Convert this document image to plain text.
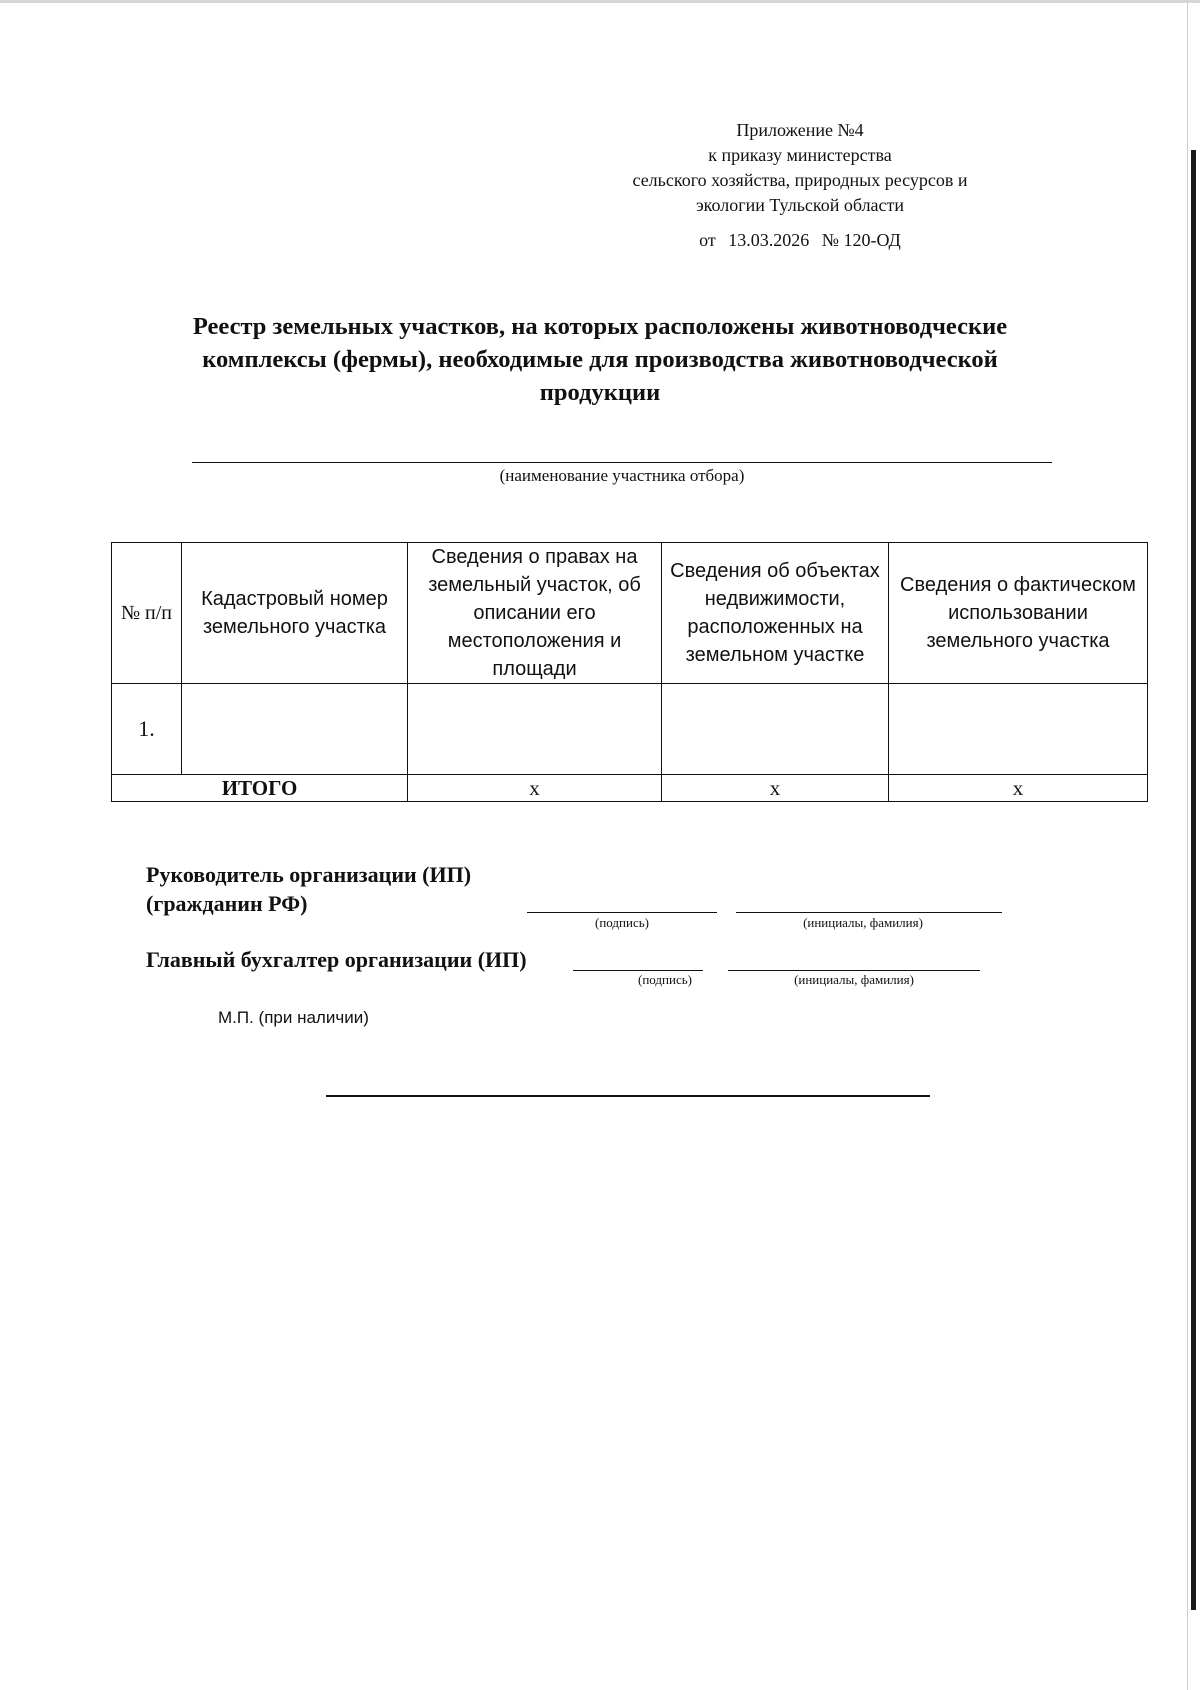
Приложение №4
к приказу министерства
сельского хозяйства, природных ресурсов и
экологии Тульской области
от 13.03.2026 № 120-ОД
Реестр земельных участков, на которых расположены животноводческие
комплексы (фермы), необходимые для производства животноводческой
продукции
(наименование участника отбора)
№ п/п	Кадастровый номер земельного участка	Сведения о правах на земельный участок, об описании его местоположения и площади	Сведения об объектах недвижимости, расположенных на земельном участке	Сведения о фактическом использовании земельного участка
1.				
ИТОГО		х	х	х
Руководитель организации (ИП)
(гражданин РФ)
(подпись)	(инициалы, фамилия)
Главный бухгалтер организации (ИП)
(подпись)	(инициалы, фамилия)
М.П. (при наличии)
